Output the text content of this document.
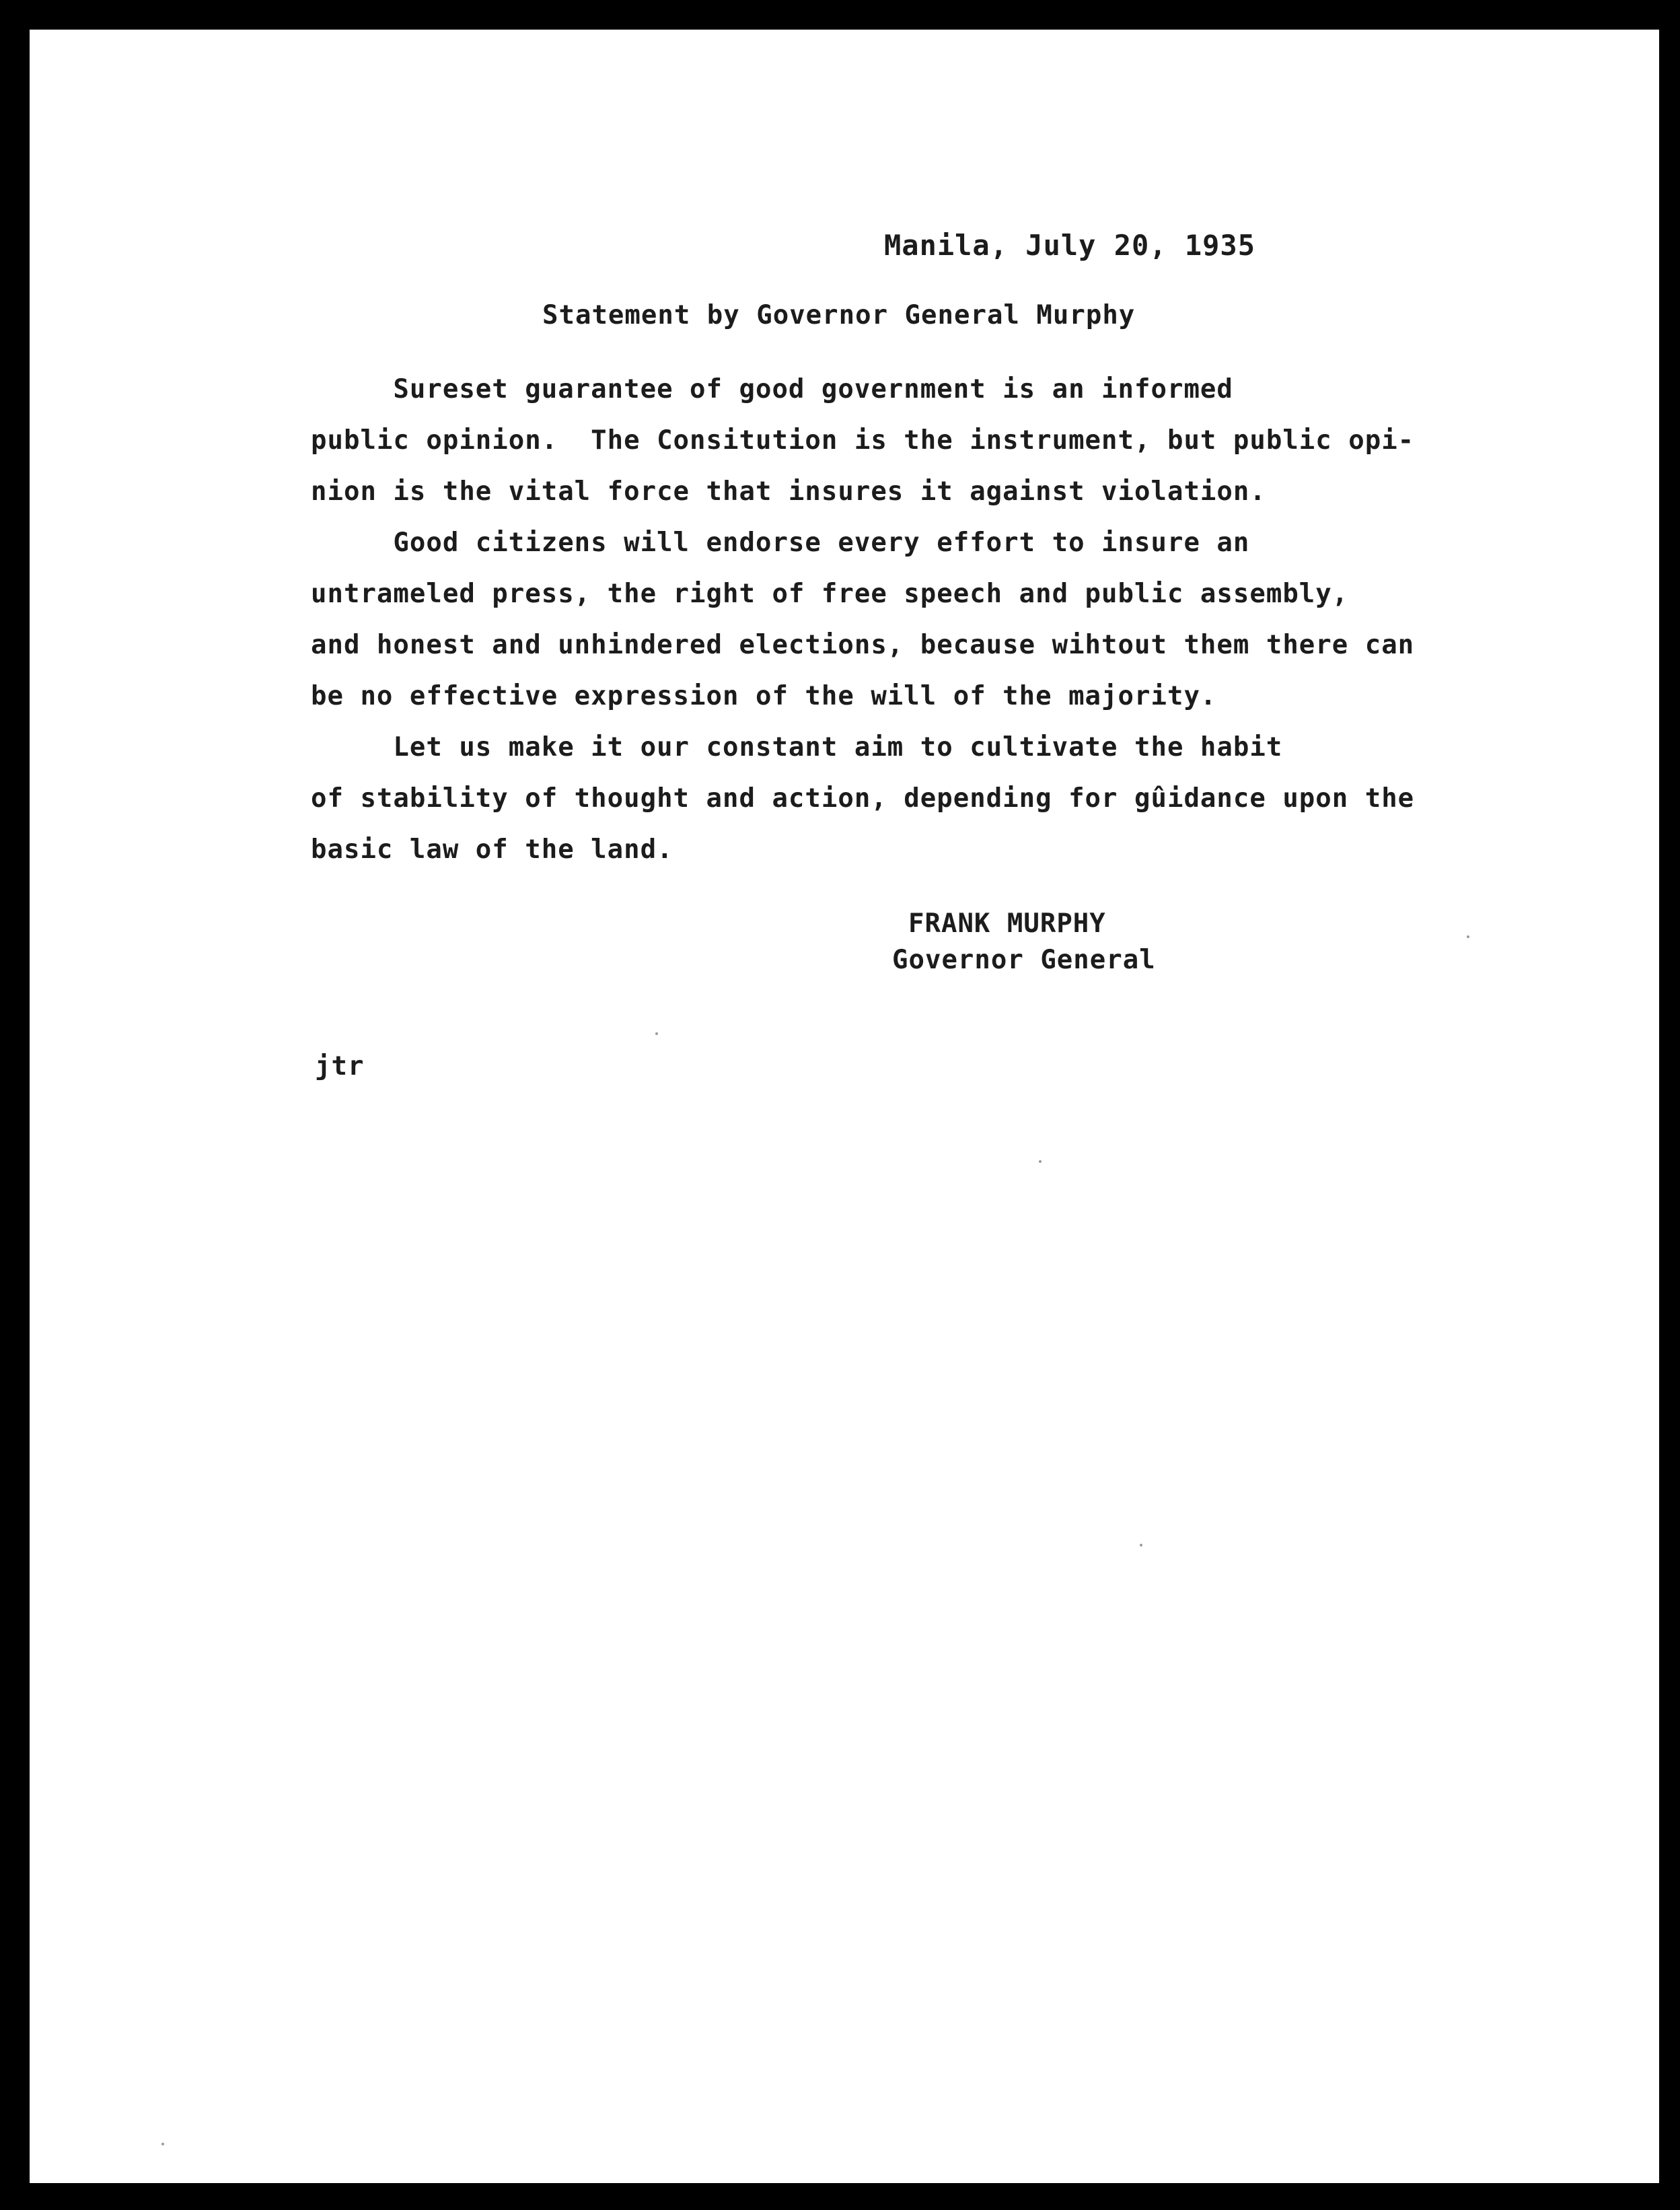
Manila, July 20, 1935
Statement by Governor General Murphy
Sureset guarantee of good government is an informed
public opinion.  The Consitution is the instrument, but public opi-
nion is the vital force that insures it against violation.
Good citizens will endorse every effort to insure an
untrameled press, the right of free speech and public assembly,
and honest and unhindered elections, because wihtout them there can
be no effective expression of the will of the majority.
Let us make it our constant aim to cultivate the habit
of stability of thought and action, depending for gûidance upon the
basic law of the land.
FRANK MURPHY
Governor General
jtr
